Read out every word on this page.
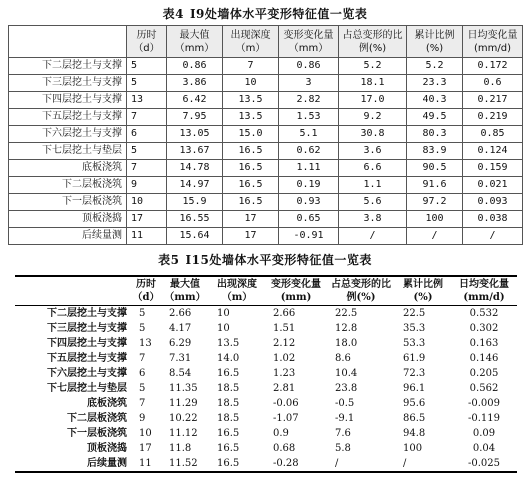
表4 I9处墙体水平变形特征值一览表
	历时（d）	最大值（mm）	出现深度（m）	变形变化量（mm）	占总变形的比例(%)	累计比例(%)	日均变化量(mm/d)
下二层挖土与支撑	5	0.86	7	0.86	5.2	5.2	0.172
下三层挖土与支撑	5	3.86	10	3	18.1	23.3	0.6
下四层挖土与支撑	13	6.42	13.5	2.82	17.0	40.3	0.217
下五层挖土与支撑	7	7.95	13.5	1.53	9.2	49.5	0.219
下六层挖土与支撑	6	13.05	15.0	5.1	30.8	80.3	0.85
下七层挖土与垫层	5	13.67	16.5	0.62	3.6	83.9	0.124
底板浇筑	7	14.78	16.5	1.11	6.6	90.5	0.159
下二层板浇筑	9	14.97	16.5	0.19	1.1	91.6	0.021
下一层板浇筑	10	15.9	16.5	0.93	5.6	97.2	0.093
顶板浇捣	17	16.55	17	0.65	3.8	100	0.038
后续量测	11	15.64	17	-0.91	/	/	/
表5 I15处墙体水平变形特征值一览表
	历时（d）	最大值（mm）	出现深度（m）	变形变化量(mm)	占总变形的比例(%)	累计比例(%)	日均变化量(mm/d)
下二层挖土与支撑	5	2.66	10	2.66	22.5	22.5	0.532
下三层挖土与支撑	5	4.17	10	1.51	12.8	35.3	0.302
下四层挖土与支撑	13	6.29	13.5	2.12	18.0	53.3	0.163
下五层挖土与支撑	7	7.31	14.0	1.02	8.6	61.9	0.146
下六层挖土与支撑	6	8.54	16.5	1.23	10.4	72.3	0.205
下七层挖土与垫层	5	11.35	18.5	2.81	23.8	96.1	0.562
底板浇筑	7	11.29	18.5	-0.06	-0.5	95.6	-0.009
下二层板浇筑	9	10.22	18.5	-1.07	-9.1	86.5	-0.119
下一层板浇筑	10	11.12	16.5	0.9	7.6	94.8	0.09
顶板浇捣	17	11.8	16.5	0.68	5.8	100	0.04
后续量测	11	11.52	16.5	-0.28	/	/	-0.025
